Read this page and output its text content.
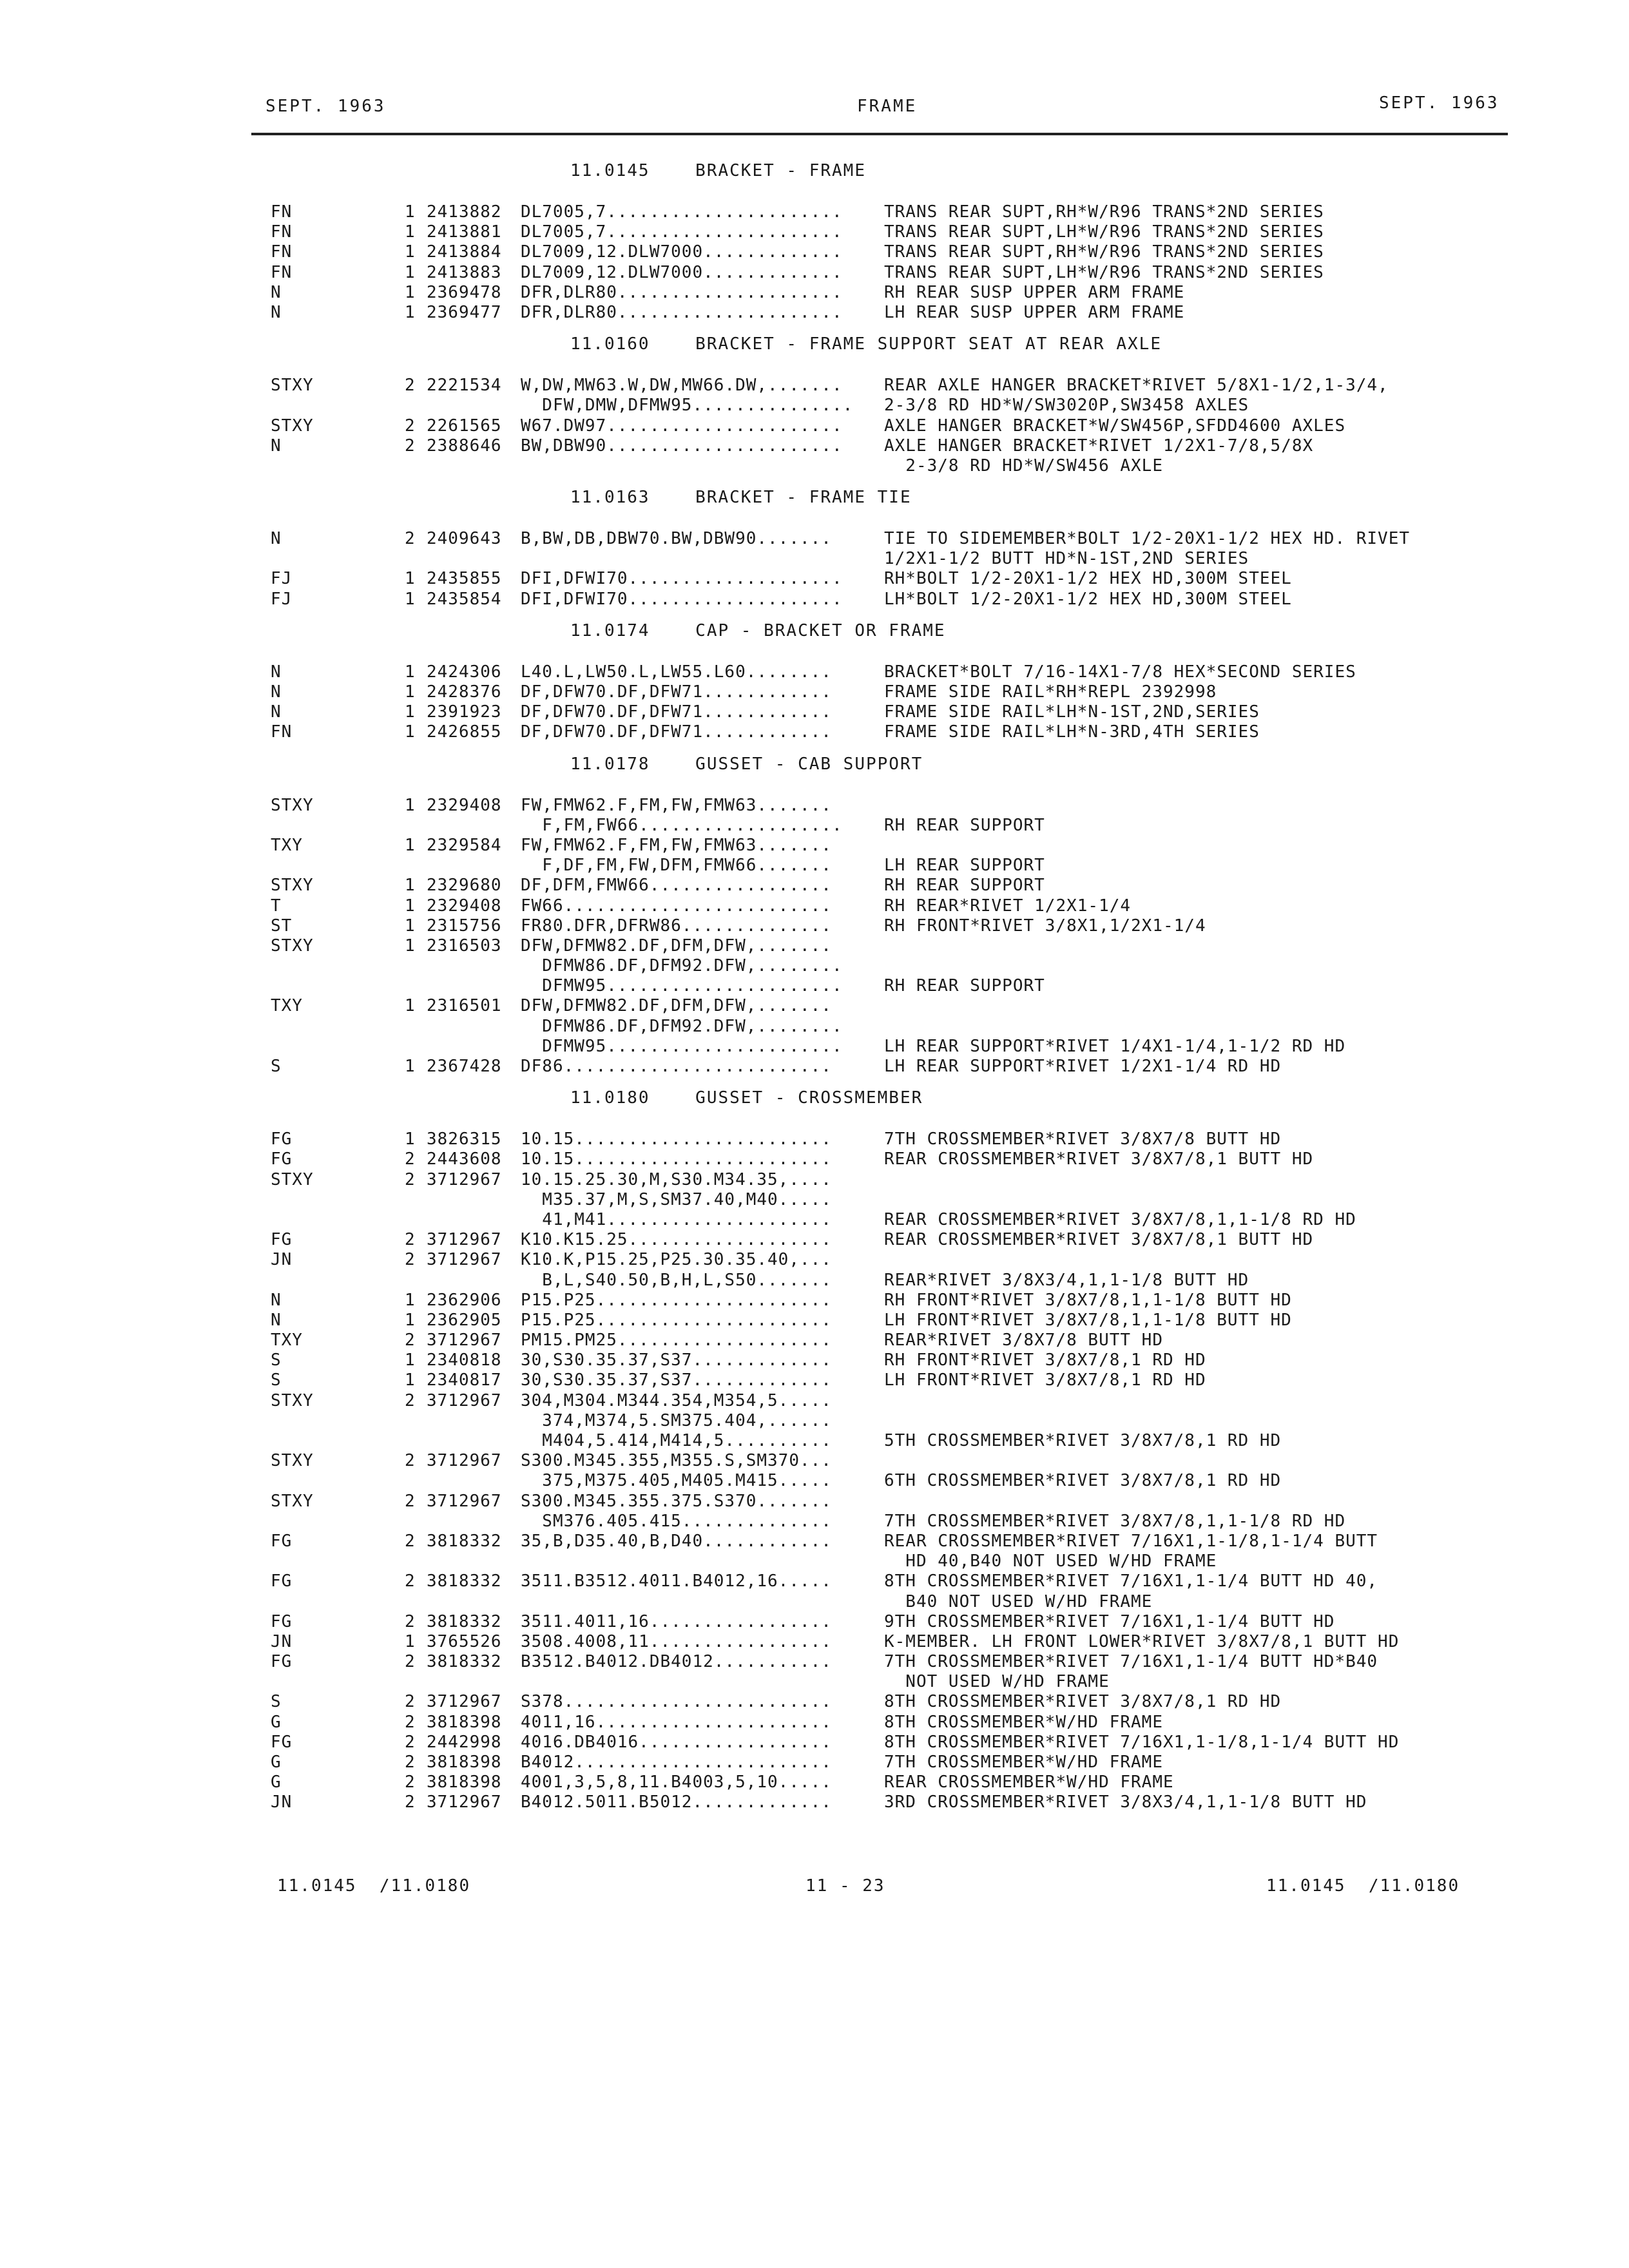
SEPT. 1963	FRAME	SEPT. 1963
11.0145    BRACKET - FRAME
FN	1 2413882 DL7005,7...................... TRANS REAR SUPT,RH*W/R96 TRANS*2ND SERIES
FN	1 2413881 DL7005,7...................... TRANS REAR SUPT,LH*W/R96 TRANS*2ND SERIES
FN	1 2413884 DL7009,12.DLW7000............. TRANS REAR SUPT,RH*W/R96 TRANS*2ND SERIES
FN	1 2413883 DL7009,12.DLW7000............. TRANS REAR SUPT,LH*W/R96 TRANS*2ND SERIES
N	1 2369478 DFR,DLR80..................... RH REAR SUSP UPPER ARM FRAME
N	1 2369477 DFR,DLR80..................... LH REAR SUSP UPPER ARM FRAME
11.0160    BRACKET - FRAME SUPPORT SEAT AT REAR AXLE
STXY	2 2221534 W,DW,MW63.W,DW,MW66.DW,....... REAR AXLE HANGER BRACKET*RIVET 5/8X1-1/2,1-3/4,
DFW,DMW,DFMW95............... 2-3/8 RD HD*W/SW3020P,SW3458 AXLES
STXY	2 2261565 W67.DW97...................... AXLE HANGER BRACKET*W/SW456P,SFDD4600 AXLES
N	2 2388646 BW,DBW90...................... AXLE HANGER BRACKET*RIVET 1/2X1-7/8,5/8X
2-3/8 RD HD*W/SW456 AXLE
11.0163    BRACKET - FRAME TIE
N	2 2409643 B,BW,DB,DBW70.BW,DBW90.......	TIE TO SIDEMEMBER*BOLT 1/2-20X1-1/2 HEX HD. RIVET
1/2X1-1/2 BUTT HD*N-1ST,2ND SERIES
FJ	1 2435855 DFI,DFWI70.................... RH*BOLT 1/2-20X1-1/2 HEX HD,300M STEEL
FJ	1 2435854 DFI,DFWI70.................... LH*BOLT 1/2-20X1-1/2 HEX HD,300M STEEL
11.0174    CAP - BRACKET OR FRAME
N	1 2424306 L40.L,LW50.L,LW55.L60........	BRACKET*BOLT 7/16-14X1-7/8 HEX*SECOND SERIES
N	1 2428376 DF,DFW70.DF,DFW71............	FRAME SIDE RAIL*RH*REPL 2392998
N	1 2391923 DF,DFW70.DF,DFW71............	FRAME SIDE RAIL*LH*N-1ST,2ND,SERIES
FN	1 2426855 DF,DFW70.DF,DFW71............	FRAME SIDE RAIL*LH*N-3RD,4TH SERIES
11.0178    GUSSET - CAB SUPPORT
STXY	1 2329408 FW,FMW62.F,FM,FW,FMW63.......
F,FM,FW66................... RH REAR SUPPORT
TXY	1 2329584 FW,FMW62.F,FM,FW,FMW63.......
F,DF,FM,FW,DFM,FMW66.......	LH REAR SUPPORT
STXY	1 2329680 DF,DFM,FMW66.................	RH REAR SUPPORT
T	1 2329408 FW66.........................	RH REAR*RIVET 1/2X1-1/4
ST	1 2315756 FR80.DFR,DFRW86..............	RH FRONT*RIVET 3/8X1,1/2X1-1/4
STXY	1 2316503 DFW,DFMW82.DF,DFM,DFW,.......
DFMW86.DF,DFM92.DFW,........
DFMW95...................... RH REAR SUPPORT
TXY	1 2316501 DFW,DFMW82.DF,DFM,DFW,.......
DFMW86.DF,DFM92.DFW,........
DFMW95...................... LH REAR SUPPORT*RIVET 1/4X1-1/4,1-1/2 RD HD
S	1 2367428 DF86.........................	LH REAR SUPPORT*RIVET 1/2X1-1/4 RD HD
11.0180    GUSSET - CROSSMEMBER
FG	1 3826315 10.15........................	7TH CROSSMEMBER*RIVET 3/8X7/8 BUTT HD
FG	2 2443608 10.15........................	REAR CROSSMEMBER*RIVET 3/8X7/8,1 BUTT HD
STXY	2 3712967 10.15.25.30,M,S30.M34.35,....
M35.37,M,S,SM37.40,M40.....
41,M41.....................	REAR CROSSMEMBER*RIVET 3/8X7/8,1,1-1/8 RD HD
FG	2 3712967 K10.K15.25...................	REAR CROSSMEMBER*RIVET 3/8X7/8,1 BUTT HD
JN	2 3712967 K10.K,P15.25,P25.30.35.40,...
B,L,S40.50,B,H,L,S50.......	REAR*RIVET 3/8X3/4,1,1-1/8 BUTT HD
N	1 2362906 P15.P25......................	RH FRONT*RIVET 3/8X7/8,1,1-1/8 BUTT HD
N	1 2362905 P15.P25......................	LH FRONT*RIVET 3/8X7/8,1,1-1/8 BUTT HD
TXY	2 3712967 PM15.PM25....................	REAR*RIVET 3/8X7/8 BUTT HD
S	1 2340818 30,S30.35.37,S37.............	RH FRONT*RIVET 3/8X7/8,1 RD HD
S	1 2340817 30,S30.35.37,S37.............	LH FRONT*RIVET 3/8X7/8,1 RD HD
STXY	2 3712967 304,M304.M344.354,M354,5.....
374,M374,5.SM375.404,......
M404,5.414,M414,5..........	5TH CROSSMEMBER*RIVET 3/8X7/8,1 RD HD
STXY	2 3712967 S300.M345.355,M355.S,SM370...
375,M375.405,M405.M415.....	6TH CROSSMEMBER*RIVET 3/8X7/8,1 RD HD
STXY	2 3712967 S300.M345.355.375.S370.......
SM376.405.415..............	7TH CROSSMEMBER*RIVET 3/8X7/8,1,1-1/8 RD HD
FG	2 3818332 35,B,D35.40,B,D40............	REAR CROSSMEMBER*RIVET 7/16X1,1-1/8,1-1/4 BUTT
HD 40,B40 NOT USED W/HD FRAME
FG	2 3818332 3511.B3512.4011.B4012,16.....	8TH CROSSMEMBER*RIVET 7/16X1,1-1/4 BUTT HD 40,
B40 NOT USED W/HD FRAME
FG	2 3818332 3511.4011,16.................	9TH CROSSMEMBER*RIVET 7/16X1,1-1/4 BUTT HD
JN	1 3765526 3508.4008,11.................	K-MEMBER. LH FRONT LOWER*RIVET 3/8X7/8,1 BUTT HD
FG	2 3818332 B3512.B4012.DB4012...........	7TH CROSSMEMBER*RIVET 7/16X1,1-1/4 BUTT HD*B40
NOT USED W/HD FRAME
S	2 3712967 S378.........................	8TH CROSSMEMBER*RIVET 3/8X7/8,1 RD HD
G	2 3818398 4011,16......................	8TH CROSSMEMBER*W/HD FRAME
FG	2 2442998 4016.DB4016..................	8TH CROSSMEMBER*RIVET 7/16X1,1-1/8,1-1/4 BUTT HD
G	2 3818398 B4012........................	7TH CROSSMEMBER*W/HD FRAME
G	2 3818398 4001,3,5,8,11.B4003,5,10.....	REAR CROSSMEMBER*W/HD FRAME
JN	2 3712967 B4012.5011.B5012.............	3RD CROSSMEMBER*RIVET 3/8X3/4,1,1-1/8 BUTT HD
11.0145  /11.0180	11 - 23	11.0145  /11.0180
